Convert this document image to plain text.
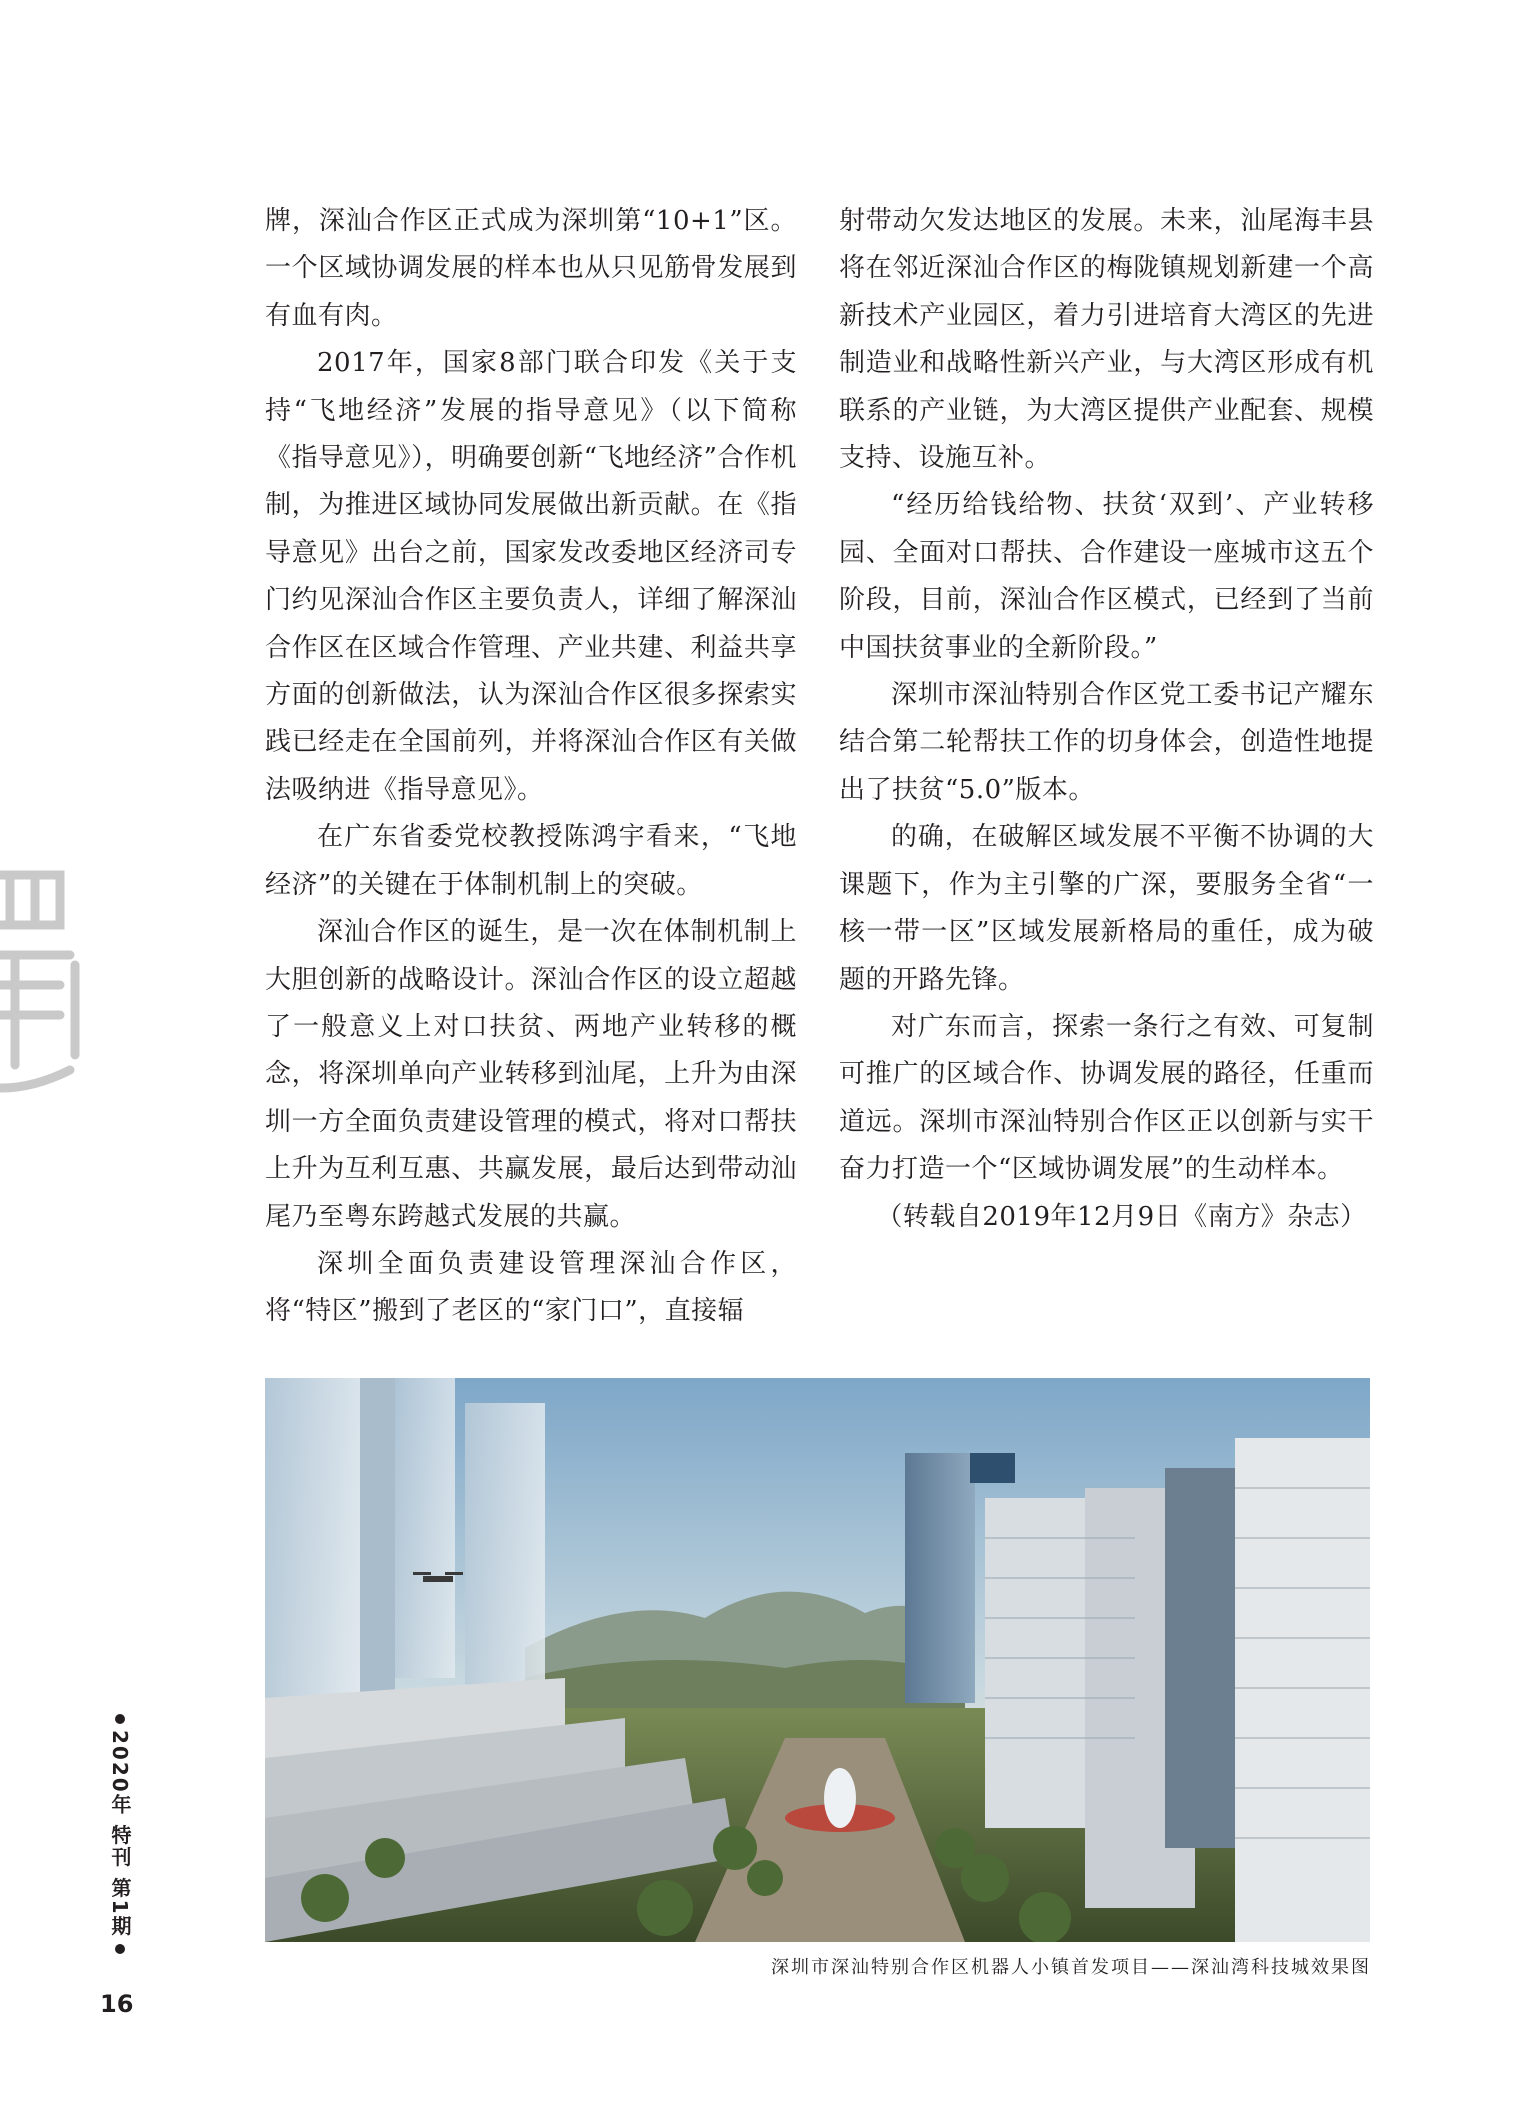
牌，深汕合作区正式成为深圳第“10+1”区。一个区域协调发展的样本也从只见筋骨发展到有血有肉。

2017年，国家8部门联合印发《关于支持“飞地经济”发展的指导意见》（以下简称《指导意见》），明确要创新“飞地经济”合作机制，为推进区域协同发展做出新贡献。在《指导意见》出台之前，国家发改委地区经济司专门约见深汕合作区主要负责人，详细了解深汕合作区在区域合作管理、产业共建、利益共享方面的创新做法，认为深汕合作区很多探索实践已经走在全国前列，并将深汕合作区有关做法吸纳进《指导意见》。

在广东省委党校教授陈鸿宇看来，“飞地经济”的关键在于体制机制上的突破。

深汕合作区的诞生，是一次在体制机制上大胆创新的战略设计。深汕合作区的设立超越了一般意义上对口扶贫、两地产业转移的概念，将深圳单向产业转移到汕尾，上升为由深圳一方全面负责建设管理的模式，将对口帮扶上升为互利互惠、共赢发展，最后达到带动汕尾乃至粤东跨越式发展的共赢。

深圳全面负责建设管理深汕合作区，将“特区”搬到了老区的“家门口”，直接辐

射带动欠发达地区的发展。未来，汕尾海丰县将在邻近深汕合作区的梅陇镇规划新建一个高新技术产业园区，着力引进培育大湾区的先进制造业和战略性新兴产业，与大湾区形成有机联系的产业链，为大湾区提供产业配套、规模支持、设施互补。

“经历给钱给物、扶贫‘双到’、产业转移园、全面对口帮扶、合作建设一座城市这五个阶段，目前，深汕合作区模式，已经到了当前中国扶贫事业的全新阶段。”

深圳市深汕特别合作区党工委书记产耀东结合第二轮帮扶工作的切身体会，创造性地提出了扶贫“5.0”版本。

的确，在破解区域发展不平衡不协调的大课题下，作为主引擎的广深，要服务全省“一核一带一区”区域发展新格局的重任，成为破题的开路先锋。

对广东而言，探索一条行之有效、可复制可推广的区域合作、协调发展的路径，任重而道远。深圳市深汕特别合作区正以创新与实干奋力打造一个“区域协调发展”的生动样本。

（转载自2019年12月9日《南方》杂志）

2020年 特刊 第1期
16
深圳市深汕特别合作区机器人小镇首发项目——深汕湾科技城效果图
